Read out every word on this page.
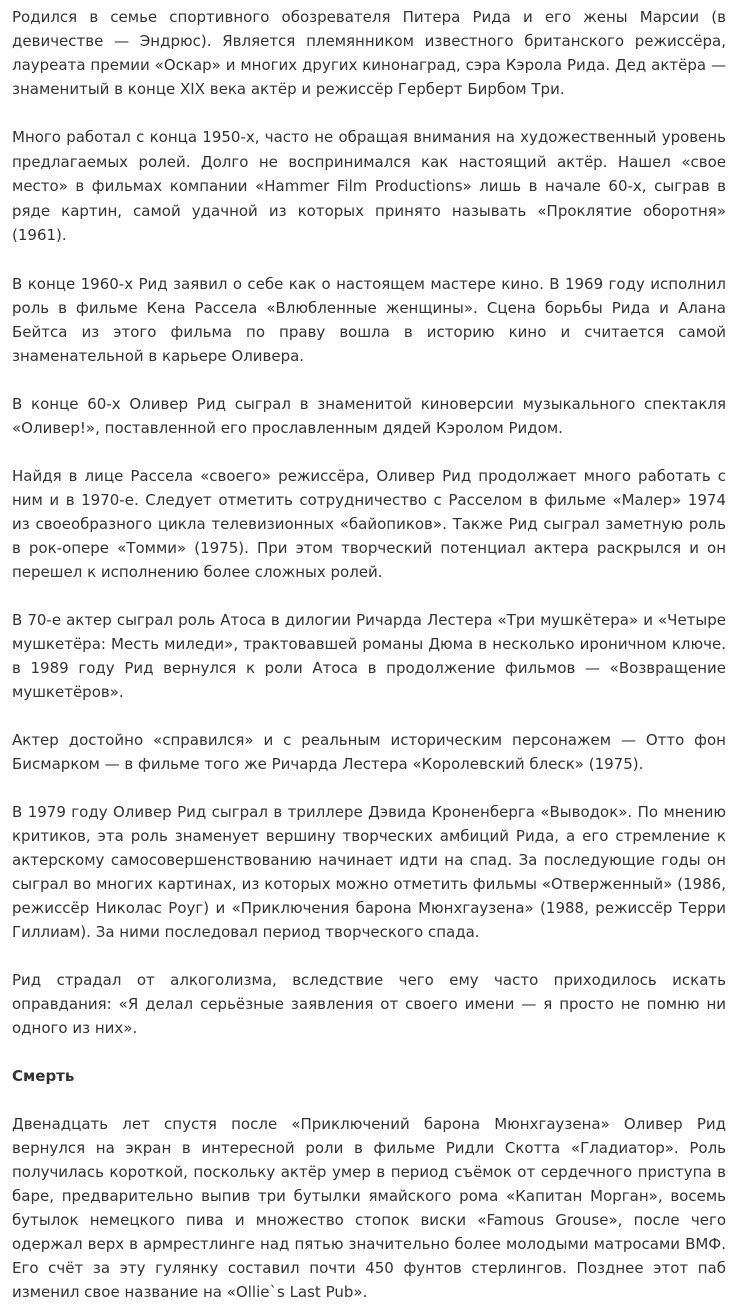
Родился в семье спортивного обозревателя Питера Рида и его жены Марсии (в девичестве — Эндрюс). Является племянником известного британского режиссёра, лауреата премии «Оскар» и многих других кинонаград, сэра Кэрола Рида. Дед актёра — знаменитый в конце XIX века актёр и режиссёр Герберт Бирбом Три.

Много работал с конца 1950-х, часто не обращая внимания на художественный уровень предлагаемых ролей. Долго не воспринимался как настоящий актёр. Нашел «свое место» в фильмах компании «Hammer Film Productions» лишь в начале 60-х, сыграв в ряде картин, самой удачной из которых принято называть «Проклятие оборотня» (1961).

В конце 1960-х Рид заявил о себе как о настоящем мастере кино. В 1969 году исполнил роль в фильме Кена Рассела «Влюбленные женщины». Сцена борьбы Рида и Алана Бейтса из этого фильма по праву вошла в историю кино и считается самой знаменательной в карьере Оливера.

В конце 60-х Оливер Рид сыграл в знаменитой киноверсии музыкального спектакля «Оливер!», поставленной его прославленным дядей Кэролом Ридом.

Найдя в лице Рассела «своего» режиссёра, Оливер Рид продолжает много работать с ним и в 1970-е. Следует отметить сотрудничество с Расселом в фильме «Малер» 1974 из своеобразного цикла телевизионных «байопиков». Также Рид сыграл заметную роль в рок-опере «Томми» (1975). При этом творческий потенциал актера раскрылся и он перешел к исполнению более сложных ролей.

В 70-е актер сыграл роль Атоса в дилогии Ричарда Лестера «Три мушкётера» и «Четыре мушкетёра: Месть миледи», трактовавшей романы Дюма в несколько ироничном ключе. в 1989 году Рид вернулся к роли Атоса в продолжение фильмов — «Возвращение мушкетёров».

Актер достойно «справился» и с реальным историческим персонажем — Отто фон Бисмарком — в фильме того же Ричарда Лестера «Королевский блеск» (1975).

В 1979 году Оливер Рид сыграл в триллере Дэвида Кроненберга «Выводок». По мнению критиков, эта роль знаменует вершину творческих амбиций Рида, а его стремление к актерскому самосовершенствованию начинает идти на спад. За последующие годы он сыграл во многих картинах, из которых можно отметить фильмы «Отверженный» (1986, режиссёр Николас Роуг) и «Приключения барона Мюнхгаузена» (1988, режиссёр Терри Гиллиам). За ними последовал период творческого спада.

Рид страдал от алкоголизма, вследствие чего ему часто приходилось искать оправдания: «Я делал серьёзные заявления от своего имени — я просто не помню ни одного из них».

Смерть

Двенадцать лет спустя после «Приключений барона Мюнхгаузена» Оливер Рид вернулся на экран в интересной роли в фильме Ридли Скотта «Гладиатор». Роль получилась короткой, поскольку актёр умер в период съёмок от сердечного приступа в баре, предварительно выпив три бутылки ямайского рома «Капитан Морган», восемь бутылок немецкого пива и множество стопок виски «Famous Grouse», после чего одержал верх в армрестлинге над пятью значительно более молодыми матросами ВМФ. Его счёт за эту гулянку составил почти 450 фунтов стерлингов. Позднее этот паб изменил свое название на «Ollie`s Last Pub».
